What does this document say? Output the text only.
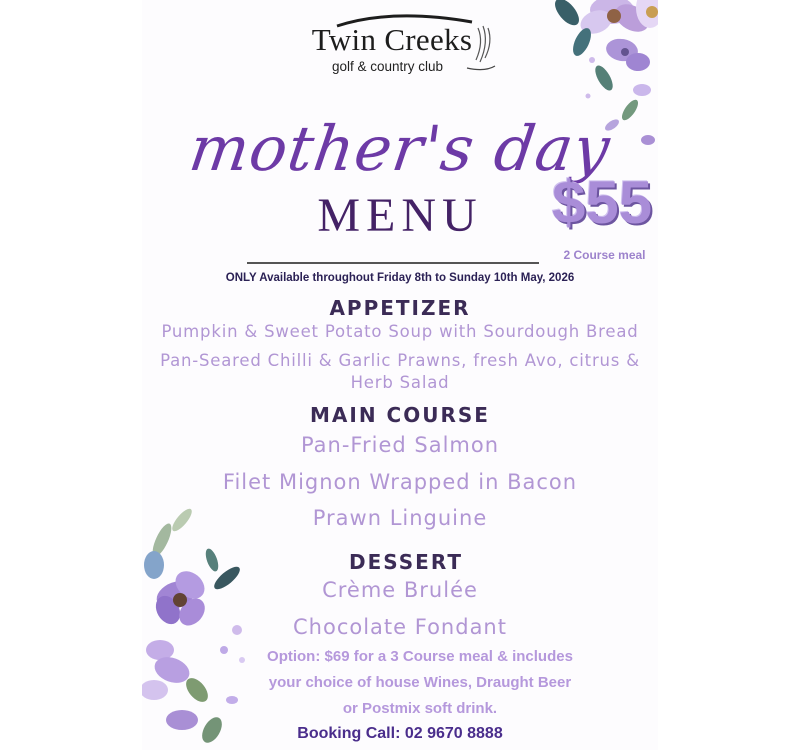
Twin Creeks
golf & country club
mother's day
MENU	$55
2 Course meal
ONLY Available throughout Friday 8th to Sunday 10th May, 2026
APPETIZER
Pumpkin & Sweet Potato Soup with Sourdough Bread
Pan-Seared Chilli & Garlic Prawns, fresh Avo, citrus &
Herb Salad
MAIN COURSE
Pan-Fried Salmon
Filet Mignon Wrapped in Bacon
Prawn Linguine
DESSERT
Crème Brulée
Chocolate Fondant
Option: $69 for a 3 Course meal & includes
your choice of house Wines, Draught Beer
or Postmix soft drink.
Booking Call: 02 9670 8888
